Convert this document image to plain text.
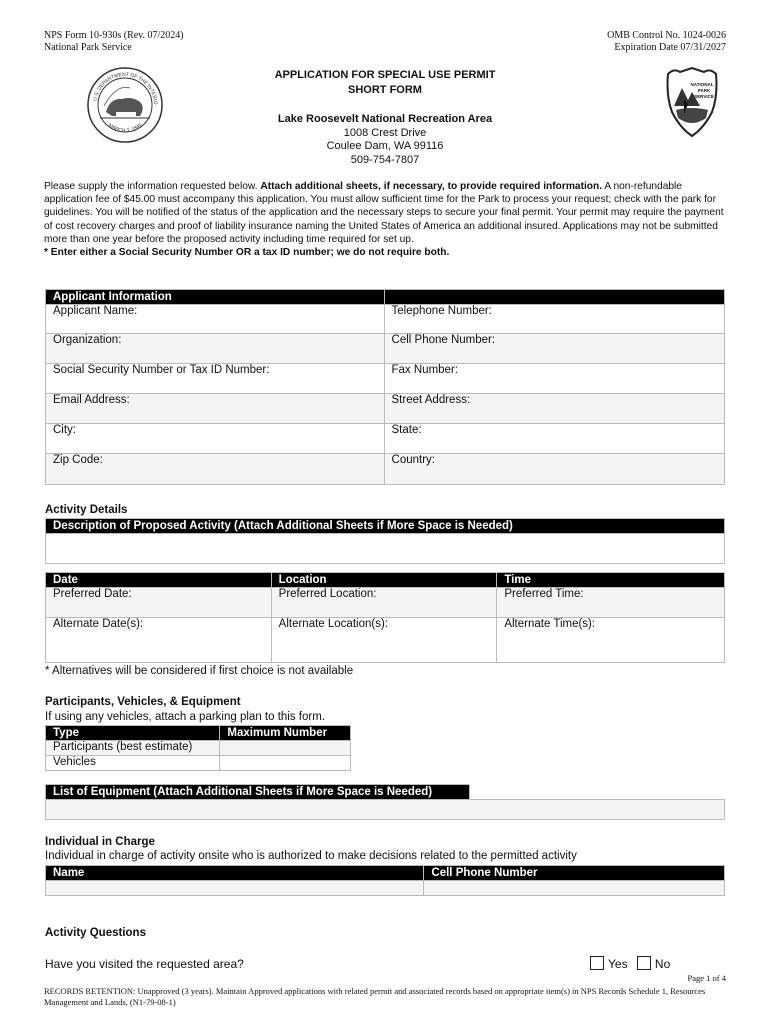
NPS Form 10-930s (Rev. 07/2024)
National Park Service
OMB Control No. 1024-0026
Expiration Date 07/31/2027
U.S. DEPARTMENT OF THE INTERIO
MARCH 3, 1849
NATIONAL
PARK
SERVICE
APPLICATION FOR SPECIAL USE PERMIT
SHORT FORM
Lake Roosevelt National Recreation Area
1008 Crest Drive
Coulee Dam, WA 99116
509-754-7807
Please supply the information requested below. Attach additional sheets, if necessary, to provide required information. A non-refundable application fee of $45.00 must accompany this application. You must allow sufficient time for the Park to process your request; check with the park for guidelines. You will be notified of the status of the application and the necessary steps to secure your final permit. Your permit may require the payment of cost recovery charges and proof of liability insurance naming the United States of America an additional insured. Applications may not be submitted more than one year before the proposed activity including time required for set up.
* Enter either a Social Security Number OR a tax ID number; we do not require both.
Applicant Information	
Applicant Name:	Telephone Number:
Organization:	Cell Phone Number:
Social Security Number or Tax ID Number:	Fax Number:
Email Address:	Street Address:
City:	State:
Zip Code:	Country:
Activity Details
Description of Proposed Activity (Attach Additional Sheets if More Space is Needed)

Date	Location	Time
Preferred Date:	Preferred Location:	Preferred Time:
Alternate Date(s):	Alternate Location(s):	Alternate Time(s):
* Alternatives will be considered if first choice is not available
Participants, Vehicles, & Equipment
If using any vehicles, attach a parking plan to this form.
Type	Maximum Number
Participants (best estimate)	
Vehicles	
List of Equipment (Attach Additional Sheets if More Space is Needed)	

Individual in Charge
Individual in charge of activity onsite who is authorized to make decisions related to the permitted activity
Name	Cell Phone Number

Activity Questions
Have you visited the requested area?	Yes No
Page 1 of 4
RECORDS RETENTION: Unapproved (3 years). Maintain Approved applications with related permit and associated records based on appropriate item(s) in NPS Records Schedule 1, Resources Management and Lands, (N1-79-08-1)
